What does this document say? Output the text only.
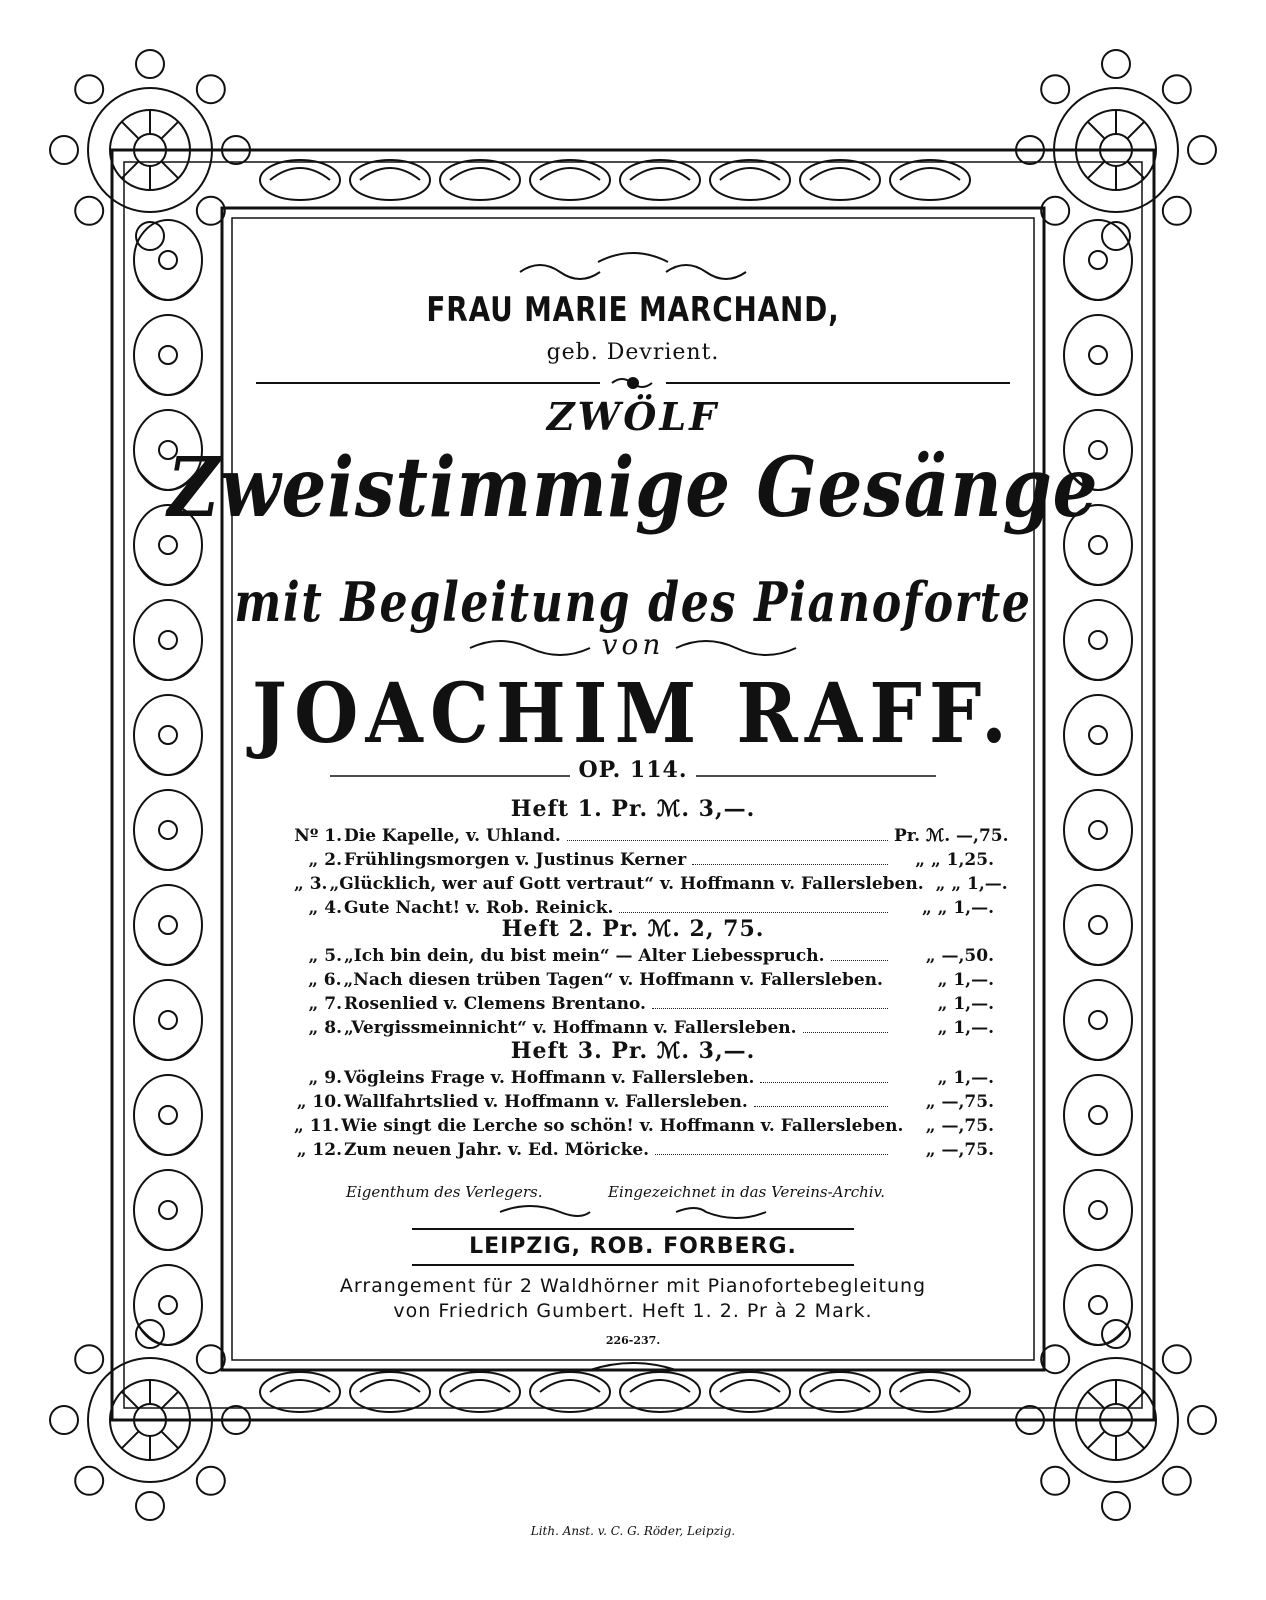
FRAU MARIE MARCHAND,
geb. Devrient.
ZWÖLF
Zweistimmige Gesänge
mit Begleitung des Pianoforte
von
JOACHIM RAFF.
OP. 114.
Heft 1. Pr. ℳ. 3,—.
Nº 1. Die Kapelle, v. Uhland.	Pr. ℳ. —,75.
„ 2. Frühlingsmorgen v. Justinus Kerner	„ „ 1,25.
„ 3. „Glücklich, wer auf Gott vertraut“ v. Hoffmann v. Fallersleben. „ „ 1,—.
„ 4. Gute Nacht! v. Rob. Reinick.	„ „ 1,—.
Heft 2. Pr. ℳ. 2, 75.
„ 5. „Ich bin dein, du bist mein“ — Alter Liebesspruch.	„ —,50.
„ 6. „Nach diesen trüben Tagen“ v. Hoffmann v. Fallersleben.	„ 1,—.
„ 7. Rosenlied v. Clemens Brentano.	„ 1,—.
„ 8. „Vergissmeinnicht“ v. Hoffmann v. Fallersleben.	„ 1,—.
Heft 3. Pr. ℳ. 3,—.
„ 9. Vögleins Frage v. Hoffmann v. Fallersleben.	„ 1,—.
„ 10. Wallfahrtslied v. Hoffmann v. Fallersleben.	„ —,75.
„ 11. Wie singt die Lerche so schön! v. Hoffmann v. Fallersleben.	„ —,75.
„ 12. Zum neuen Jahr. v. Ed. Möricke.	„ —,75.
Eigenthum des Verlegers.	Eingezeichnet in das Vereins-Archiv.
LEIPZIG, ROB. FORBERG.
Arrangement für 2 Waldhörner mit Pianofortebegleitung
von Friedrich Gumbert. Heft 1. 2. Pr à 2 Mark.
226-237.
Lith. Anst. v. C. G. Röder, Leipzig.
